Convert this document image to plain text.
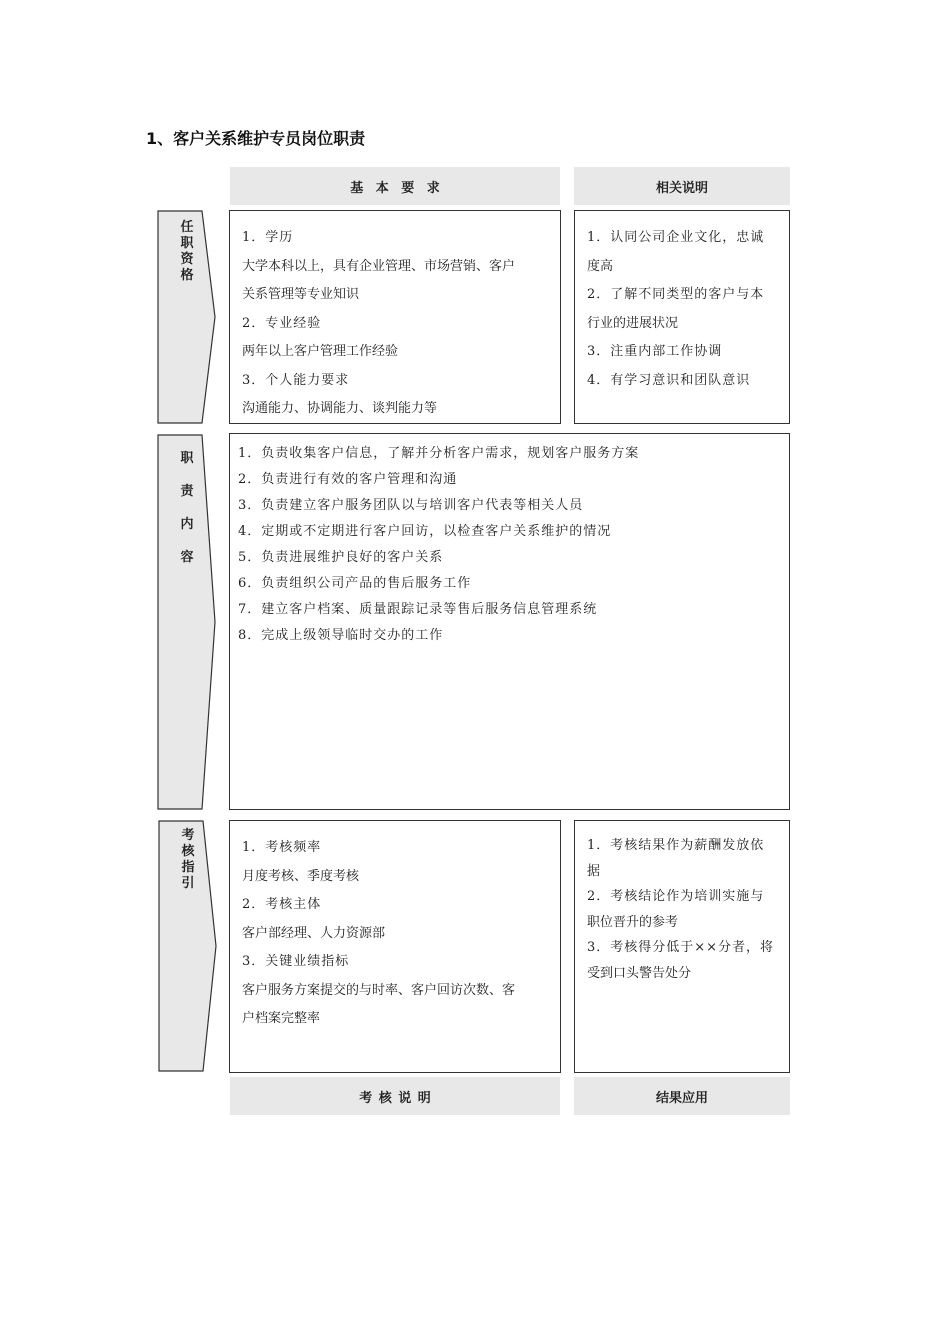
1、客户关系维护专员岗位职责
基 本 要 求	相关说明
任职资格
1．学历
大学本科以上，具有企业管理、市场营销、客户
关系管理等专业知识
2．专业经验
两年以上客户管理工作经验
3．个人能力要求
沟通能力、协调能力、谈判能力等
1．认同公司企业文化，忠诚
度高
2．了解不同类型的客户与本
行业的进展状况
3．注重内部工作协调
4．有学习意识和团队意识
职责内容
1．负责收集客户信息，了解并分析客户需求，规划客户服务方案
2．负责进行有效的客户管理和沟通
3．负责建立客户服务团队以与培训客户代表等相关人员
4．定期或不定期进行客户回访，以检查客户关系维护的情况
5．负责进展维护良好的客户关系
6．负责组织公司产品的售后服务工作
7．建立客户档案、质量跟踪记录等售后服务信息管理系统
8．完成上级领导临时交办的工作
考核指引
1．考核频率
月度考核、季度考核
2．考核主体
客户部经理、人力资源部
3．关键业绩指标
客户服务方案提交的与时率、客户回访次数、客
户档案完整率
1．考核结果作为薪酬发放依
据
2．考核结论作为培训实施与
职位晋升的参考
3．考核得分低于××分者，将
受到口头警告处分
考 核 说 明	结果应用
